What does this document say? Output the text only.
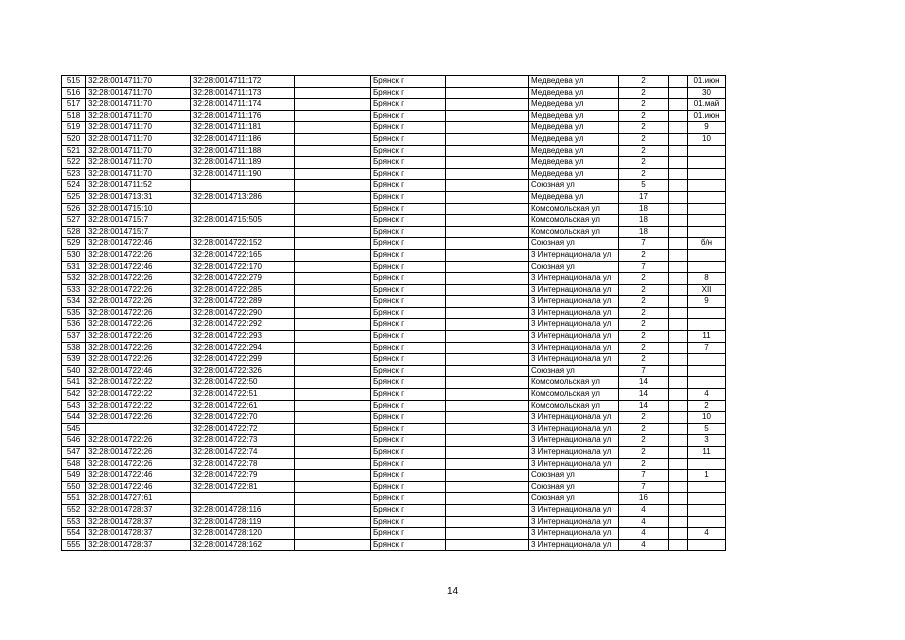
515	32:28:0014711:70	32:28:0014711:172		Брянск г		Медведева ул	2		01.июн
516	32:28:0014711:70	32:28:0014711:173		Брянск г		Медведева ул	2		30
517	32:28:0014711:70	32:28:0014711:174		Брянск г		Медведева ул	2		01.май
518	32:28:0014711:70	32:28:0014711:176		Брянск г		Медведева ул	2		01.июн
519	32:28:0014711:70	32:28:0014711:181		Брянск г		Медведева ул	2		9
520	32:28:0014711:70	32:28:0014711:186		Брянск г		Медведева ул	2		10
521	32:28:0014711:70	32:28:0014711:188		Брянск г		Медведева ул	2		
522	32:28:0014711:70	32:28:0014711:189		Брянск г		Медведева ул	2		
523	32:28:0014711:70	32:28:0014711:190		Брянск г		Медведева ул	2		
524	32:28:0014711:52			Брянск г		Союзная ул	5		
525	32:28:0014713:31	32:28:0014713:286		Брянск г		Медведева ул	17		
526	32:28:0014715:10			Брянск г		Комсомольская ул	18		
527	32:28:0014715:7	32:28:0014715:505		Брянск г		Комсомольская ул	18		
528	32:28:0014715:7			Брянск г		Комсомольская ул	18		
529	32:28:0014722:46	32:28:0014722:152		Брянск г		Союзная ул	7		б/н
530	32:28:0014722:26	32:28:0014722:165		Брянск г		3 Интернационала ул	2		
531	32:28:0014722:46	32:28:0014722:170		Брянск г		Союзная ул	7		
532	32:28:0014722:26	32:28:0014722:279		Брянск г		3 Интернационала ул	2		8
533	32:28:0014722:26	32:28:0014722:285		Брянск г		3 Интернационала ул	2		XII
534	32:28:0014722:26	32:28:0014722:289		Брянск г		3 Интернационала ул	2		9
535	32:28:0014722:26	32:28:0014722:290		Брянск г		3 Интернационала ул	2		
536	32:28:0014722:26	32:28:0014722:292		Брянск г		3 Интернационала ул	2		
537	32:28:0014722:26	32:28:0014722:293		Брянск г		3 Интернационала ул	2		11
538	32:28:0014722:26	32:28:0014722:294		Брянск г		3 Интернационала ул	2		7
539	32:28:0014722:26	32:28:0014722:299		Брянск г		3 Интернационала ул	2		
540	32:28:0014722:46	32:28:0014722:326		Брянск г		Союзная ул	7		
541	32:28:0014722:22	32:28:0014722:50		Брянск г		Комсомольская ул	14		
542	32:28:0014722:22	32:28:0014722:51		Брянск г		Комсомольская ул	14		4
543	32:28:0014722:22	32:28:0014722:61		Брянск г		Комсомольская ул	14		2
544	32:28:0014722:26	32:28:0014722:70		Брянск г		3 Интернационала ул	2		10
545		32:28:0014722:72		Брянск г		3 Интернационала ул	2		5
546	32:28:0014722:26	32:28:0014722:73		Брянск г		3 Интернационала ул	2		3
547	32:28:0014722:26	32:28:0014722:74		Брянск г		3 Интернационала ул	2		11
548	32:28:0014722:26	32:28:0014722:78		Брянск г		3 Интернационала ул	2		
549	32:28:0014722:46	32:28:0014722:79		Брянск г		Союзная ул	7		1
550	32:28:0014722:46	32:28:0014722:81		Брянск г		Союзная ул	7		
551	32:28:0014727:61			Брянск г		Союзная ул	16		
552	32:28:0014728:37	32:28:0014728:116		Брянск г		3 Интернационала ул	4		
553	32:28:0014728:37	32:28:0014728:119		Брянск г		3 Интернационала ул	4		
554	32:28:0014728:37	32:28:0014728:120		Брянск г		3 Интернационала ул	4		4
555	32:28:0014728:37	32:28:0014728:162		Брянск г		3 Интернационала ул	4		
14
